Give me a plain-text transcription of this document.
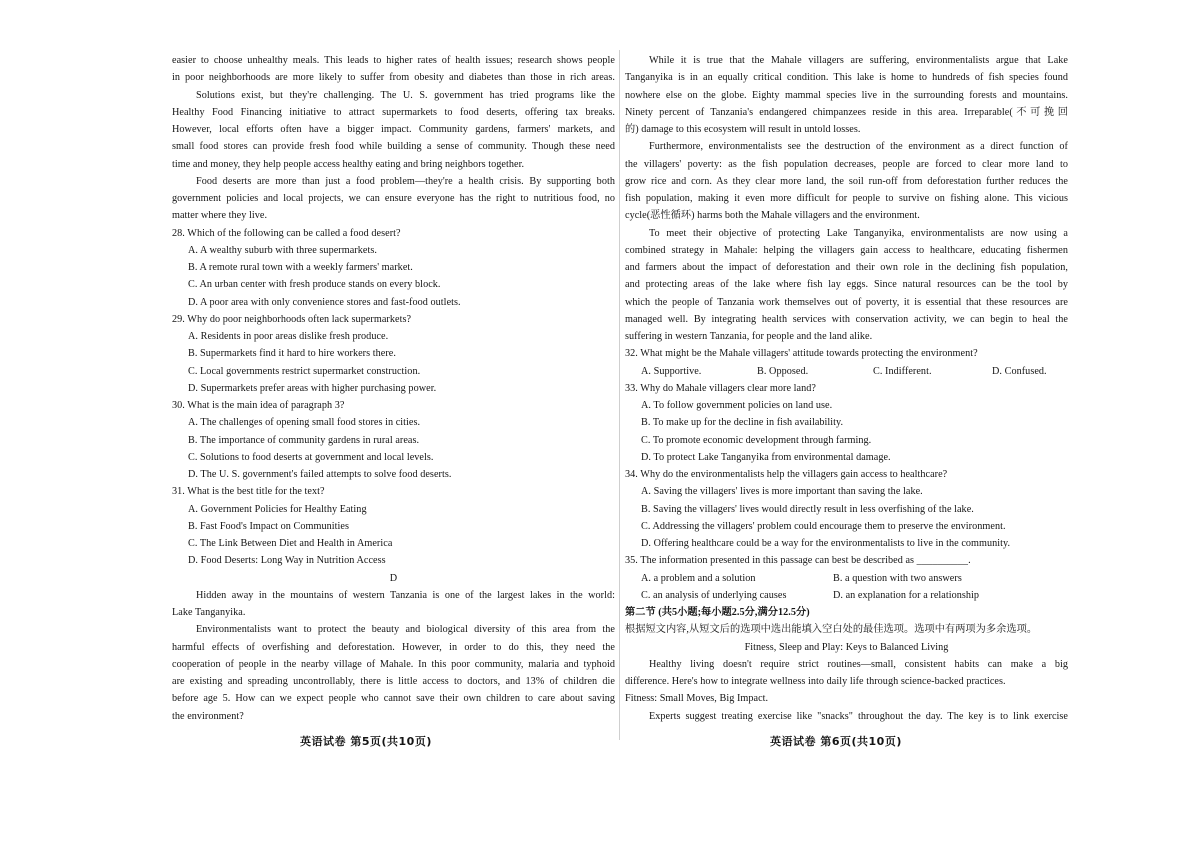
easier to choose unhealthy meals. This leads to higher rates of health issues; research shows people
in poor neighborhoods are more likely to suffer from obesity and diabetes than those in rich areas.
Solutions exist, but they're challenging. The U. S. government has tried programs like the
Healthy Food Financing initiative to attract supermarkets to food deserts, offering tax breaks.
However, local efforts often have a bigger impact. Community gardens, farmers' markets, and
small food stores can provide fresh food while building a sense of community. Though these need
time and money, they help people access healthy eating and bring neighbors together.
Food deserts are more than just a food problem—they're a health crisis. By supporting both
government policies and local projects, we can ensure everyone has the right to nutritious food, no
matter where they live.
28. Which of the following can be called a food desert?
A. A wealthy suburb with three supermarkets.
B. A remote rural town with a weekly farmers' market.
C. An urban center with fresh produce stands on every block.
D. A poor area with only convenience stores and fast-food outlets.
29. Why do poor neighborhoods often lack supermarkets?
A. Residents in poor areas dislike fresh produce.
B. Supermarkets find it hard to hire workers there.
C. Local governments restrict supermarket construction.
D. Supermarkets prefer areas with higher purchasing power.
30. What is the main idea of paragraph 3?
A. The challenges of opening small food stores in cities.
B. The importance of community gardens in rural areas.
C. Solutions to food deserts at government and local levels.
D. The U. S. government's failed attempts to solve food deserts.
31. What is the best title for the text?
A. Government Policies for Healthy Eating
B. Fast Food's Impact on Communities
C. The Link Between Diet and Health in America
D. Food Deserts: Long Way in Nutrition Access
D
Hidden away in the mountains of western Tanzania is one of the largest lakes in the world:
Lake Tanganyika.
Environmentalists want to protect the beauty and biological diversity of this area from the
harmful effects of overfishing and deforestation. However, in order to do this, they need the
cooperation of people in the nearby village of Mahale. In this poor community, malaria and typhoid
are existing and spreading uncontrollably, there is little access to doctors, and 13% of children die
before age 5. How can we expect people who cannot save their own children to care about saving
the environment?
While it is true that the Mahale villagers are suffering, environmentalists argue that Lake
Tanganyika is in an equally critical condition. This lake is home to hundreds of fish species found
nowhere else on the globe. Eighty mammal species live in the surrounding forests and mountains.
Ninety percent of Tanzania's endangered chimpanzees reside in this area. Irreparable(不可挽回
的) damage to this ecosystem will result in untold losses.
Furthermore, environmentalists see the destruction of the environment as a direct function of
the villagers' poverty: as the fish population decreases, people are forced to clear more land to
grow rice and corn. As they clear more land, the soil run-off from deforestation further reduces the
fish population, making it even more difficult for people to survive on fishing alone. This vicious
cycle(恶性循环) harms both the Mahale villagers and the environment.
To meet their objective of protecting Lake Tanganyika, environmentalists are now using a
combined strategy in Mahale: helping the villagers gain access to healthcare, educating fishermen
and farmers about the impact of deforestation and their own role in the declining fish population,
and protecting areas of the lake where fish lay eggs. Since natural resources can be the tool by
which the people of Tanzania work themselves out of poverty, it is essential that these resources are
managed well. By integrating health services with conservation activity, we can begin to heal the
suffering in western Tanzania, for people and the land alike.
32. What might be the Mahale villagers' attitude towards protecting the environment?
A. Supportive.	B. Opposed.	C. Indifferent.	D. Confused.
33. Why do Mahale villagers clear more land?
A. To follow government policies on land use.
B. To make up for the decline in fish availability.
C. To promote economic development through farming.
D. To protect Lake Tanganyika from environmental damage.
34. Why do the environmentalists help the villagers gain access to healthcare?
A. Saving the villagers' lives is more important than saving the lake.
B. Saving the villagers' lives would directly result in less overfishing of the lake.
C. Addressing the villagers' problem could encourage them to preserve the environment.
D. Offering healthcare could be a way for the environmentalists to live in the community.
35. The information presented in this passage can best be described as __________.
A. a problem and a solution	B. a question with two answers
C. an analysis of underlying causes	D. an explanation for a relationship
第二节 (共5小题;每小题2.5分,满分12.5分)
根据短文内容,从短文后的选项中选出能填入空白处的最佳选项。选项中有两项为多余选项。
Fitness, Sleep and Play: Keys to Balanced Living
Healthy living doesn't require strict routines—small, consistent habits can make a big
difference. Here's how to integrate wellness into daily life through science-backed practices.
Fitness: Small Moves, Big Impact.
Experts suggest treating exercise like "snacks" throughout the day. The key is to link exercise
英语试卷 第5页(共10页)	英语试卷 第6页(共10页)
